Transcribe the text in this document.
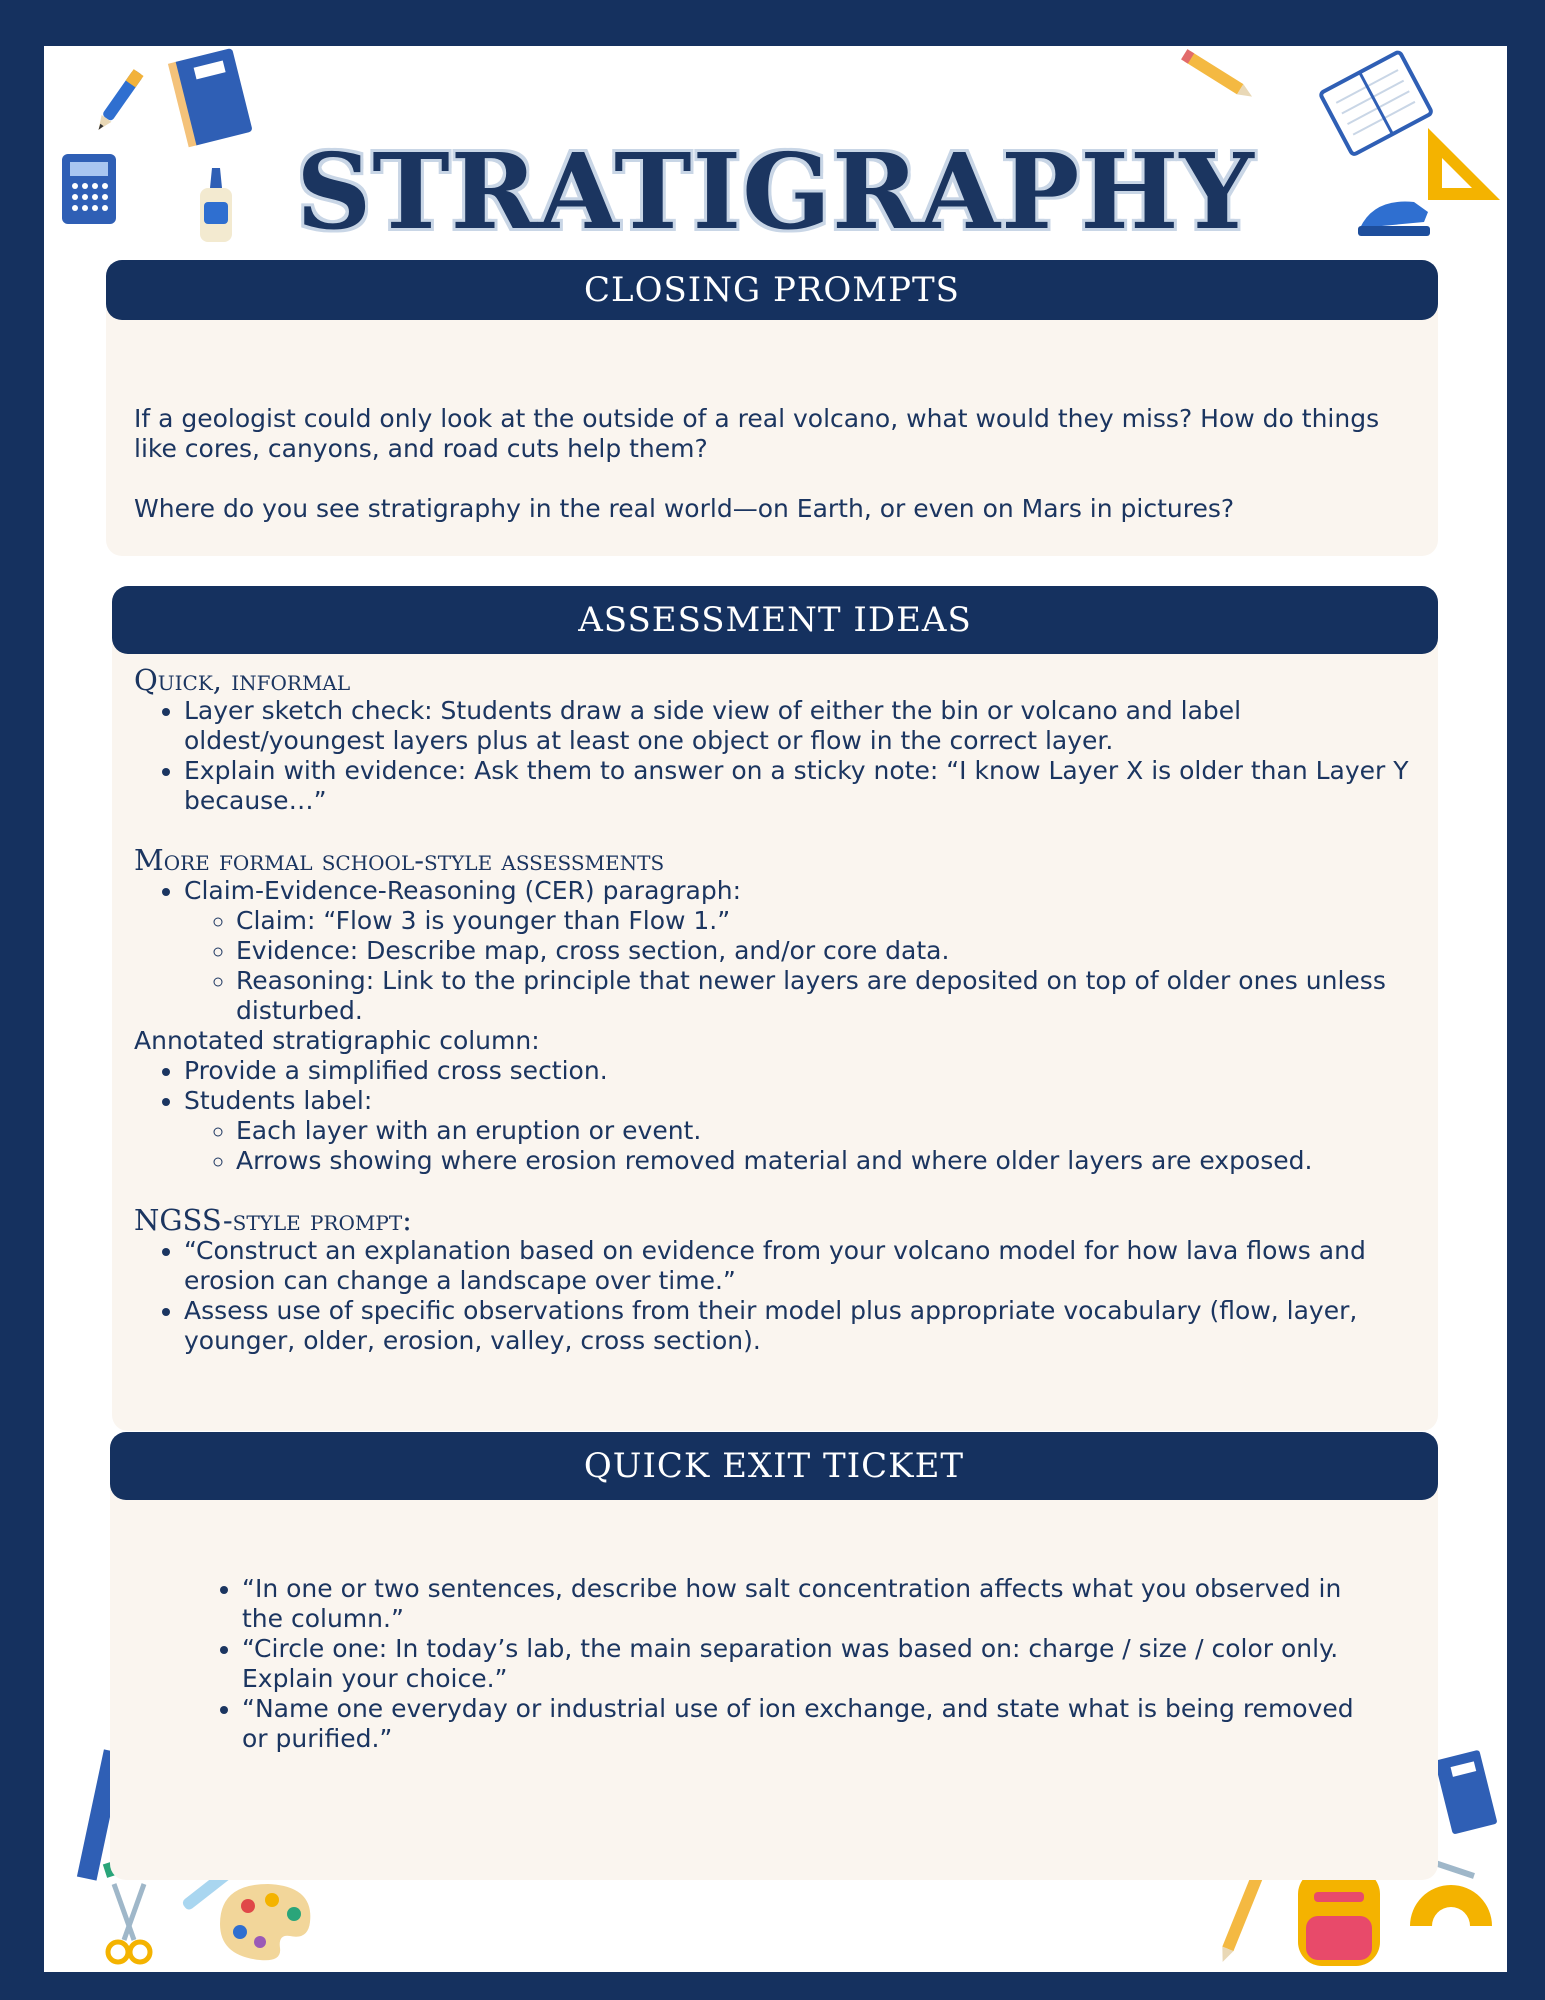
STRATIGRAPHY

If a geologist could only look at the outside of a real volcano, what would they miss? How do things like cores, canyons, and road cuts help them?

Where do you see stratigraphy in the real world—on Earth, or even on Mars in pictures?

CLOSING PROMPTS
ASSESSMENT IDEAS
Quick, informal
• Layer sketch check: Students draw a side view of either the bin or volcano and label oldest/youngest layers plus at least one object or flow in the correct layer.
• Explain with evidence: Ask them to answer on a sticky note: “I know Layer X is older than Layer Y because…”
More formal school-style assessments
• Claim-Evidence-Reasoning (CER) paragraph:
◦ Claim: “Flow 3 is younger than Flow 1.”
◦ Evidence: Describe map, cross section, and/or core data.
◦ Reasoning: Link to the principle that newer layers are deposited on top of older ones unless disturbed.
Annotated stratigraphic column:
• Provide a simplified cross section.
• Students label:
◦ Each layer with an eruption or event.
◦ Arrows showing where erosion removed material and where older layers are exposed.
NGSS-style prompt:
• “Construct an explanation based on evidence from your volcano model for how lava flows and erosion can change a landscape over time.”
• Assess use of specific observations from their model plus appropriate vocabulary (flow, layer, younger, older, erosion, valley, cross section).
• “In one or two sentences, describe how salt concentration affects what you observed in the column.”
• “Circle one: In today’s lab, the main separation was based on: charge / size / color only. Explain your choice.”
• “Name one everyday or industrial use of ion exchange, and state what is being removed or purified.”
QUICK EXIT TICKET
